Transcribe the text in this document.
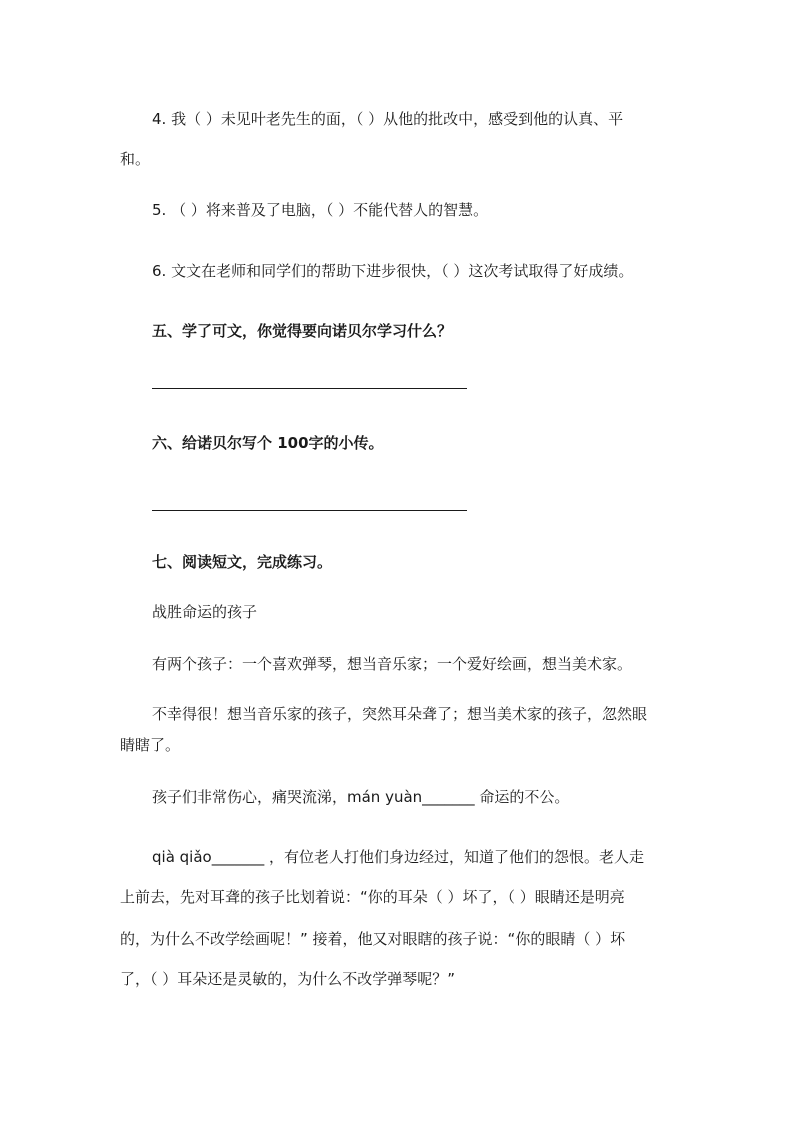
4. 我（ ）未见叶老先生的面，（ ）从他的批改中，感受到他的认真、平
和。
5. （ ）将来普及了电脑，（ ）不能代替人的智慧。
6. 文文在老师和同学们的帮助下进步很快，（ ）这次考试取得了好成绩。
五、学了可文，你觉得要向诺贝尔学习什么？
六、给诺贝尔写个 100字的小传。
七、阅读短文，完成练习。
战胜命运的孩子
有两个孩子：一个喜欢弹琴，想当音乐家；一个爱好绘画，想当美术家。
不幸得很！想当音乐家的孩子，突然耳朵聋了；想当美术家的孩子，忽然眼
睛瞎了。
孩子们非常伤心，痛哭流涕，mán yuàn_______ 命运的不公。
qià qiǎo_______ ，有位老人打他们身边经过，知道了他们的怨恨。老人走
上前去，先对耳聋的孩子比划着说：“你的耳朵（ ）坏了，（ ）眼睛还是明亮
的，为什么不改学绘画呢！” 接着，他又对眼瞎的孩子说：“你的眼睛（ ）坏
了，（ ）耳朵还是灵敏的，为什么不改学弹琴呢？”
